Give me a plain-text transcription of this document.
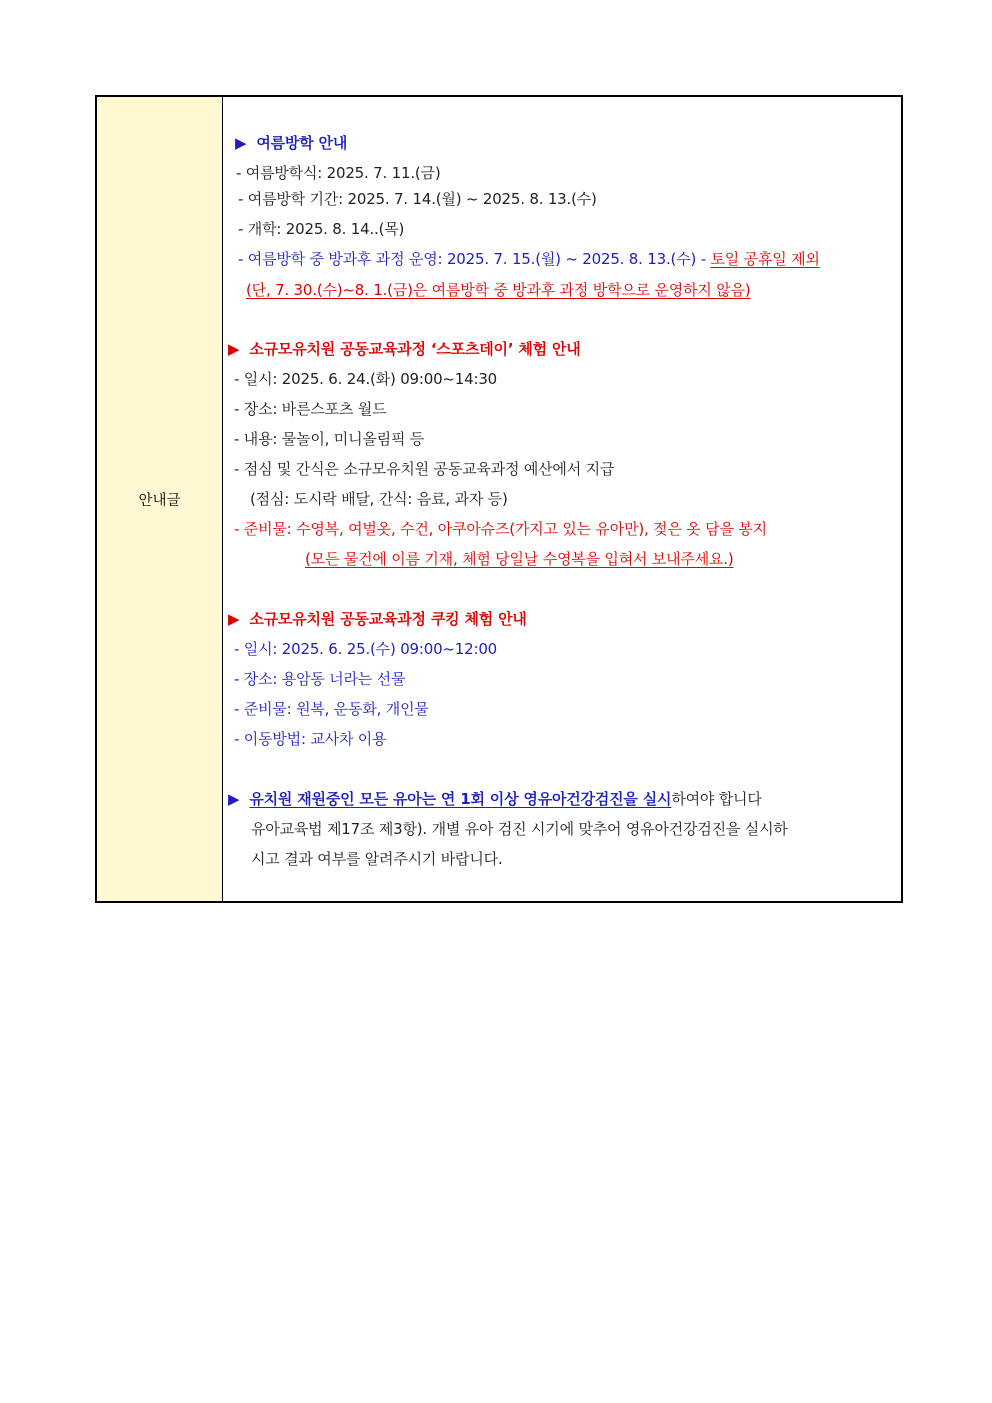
안내글
▶ 여름방학 안내
- 여름방학식: 2025. 7. 11.(금)
- 여름방학 기간: 2025. 7. 14.(월) ~ 2025. 8. 13.(수)
- 개학: 2025. 8. 14..(목)
- 여름방학 중 방과후 과정 운영: 2025. 7. 15.(월) ~ 2025. 8. 13.(수) - 토일 공휴일 제외
(단, 7. 30.(수)~8. 1.(금)은 여름방학 중 방과후 과정 방학으로 운영하지 않음)
▶ 소규모유치원 공동교육과정 ‘스포츠데이’ 체험 안내
- 일시: 2025. 6. 24.(화) 09:00~14:30
- 장소: 바른스포츠 월드
- 내용: 물놀이, 미니올림픽 등
- 점심 및 간식은 소규모유치원 공동교육과정 예산에서 지급
(점심: 도시락 배달, 간식: 음료, 과자 등)
- 준비물: 수영복, 여벌옷, 수건, 아쿠아슈즈(가지고 있는 유아만), 젖은 옷 담을 봉지
(모든 물건에 이름 기재, 체험 당일날 수영복을 입혀서 보내주세요.)
▶ 소규모유치원 공동교육과정 쿠킹 체험 안내
- 일시: 2025. 6. 25.(수) 09:00~12:00
- 장소: 용암동 너라는 선물
- 준비물: 원복, 운동화, 개인물
- 이동방법: 교사차 이용
▶ 유치원 재원중인 모든 유아는 연 1회 이상 영유아건강검진을 실시하여야 합니다
유아교육법 제17조 제3항). 개별 유아 검진 시기에 맞추어 영유아건강검진을 실시하
시고 결과 여부를 알려주시기 바랍니다.
